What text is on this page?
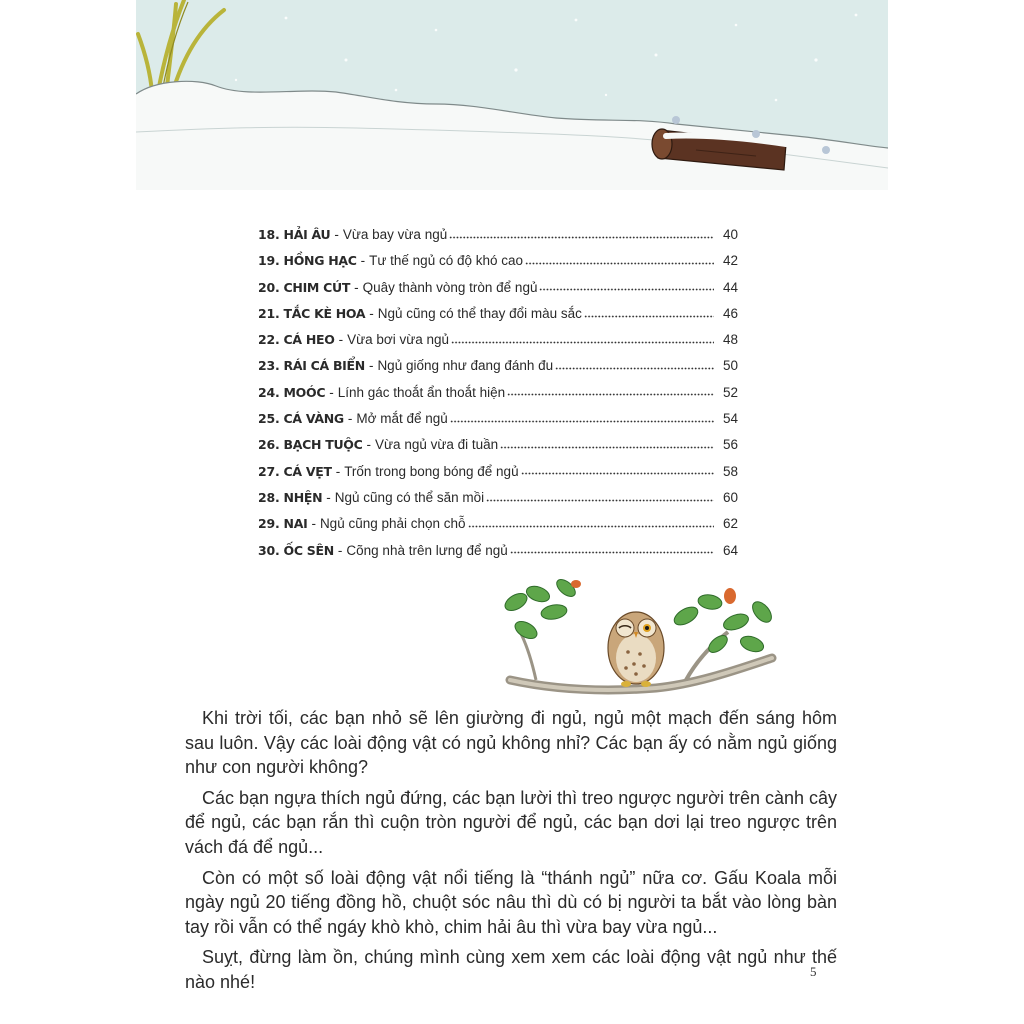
18. HẢI ÂU - Vừa bay vừa ngủ	40
19. HỒNG HẠC - Tư thế ngủ có độ khó cao	42
20. CHIM CÚT - Quây thành vòng tròn để ngủ	44
21. TẮC KÈ HOA - Ngủ cũng có thể thay đổi màu sắc	46
22. CÁ HEO - Vừa bơi vừa ngủ	48
23. RÁI CÁ BIỂN - Ngủ giống như đang đánh đu	50
24. MOÓC - Lính gác thoắt ẩn thoắt hiện	52
25. CÁ VÀNG - Mở mắt để ngủ	54
26. BẠCH TUỘC - Vừa ngủ vừa đi tuần	56
27. CÁ VẸT - Trốn trong bong bóng để ngủ	58
28. NHỆN - Ngủ cũng có thể săn mồi	60
29. NAI - Ngủ cũng phải chọn chỗ	62
30. ỐC SÊN - Cõng nhà trên lưng để ngủ	64

Khi trời tối, các bạn nhỏ sẽ lên giường đi ngủ, ngủ một mạch đến sáng hôm sau luôn. Vậy các loài động vật có ngủ không nhỉ? Các bạn ấy có nằm ngủ giống như con người không?

Các bạn ngựa thích ngủ đứng, các bạn lười thì treo ngược người trên cành cây để ngủ, các bạn rắn thì cuộn tròn người để ngủ, các bạn dơi lại treo ngược trên vách đá để ngủ...

Còn có một số loài động vật nổi tiếng là “thánh ngủ” nữa cơ. Gấu Koala mỗi ngày ngủ 20 tiếng đồng hồ, chuột sóc nâu thì dù có bị người ta bắt vào lòng bàn tay rồi vẫn có thể ngáy khò khò, chim hải âu thì vừa bay vừa ngủ...

Suỵt, đừng làm ồn, chúng mình cùng xem xem các loài động vật ngủ như thế nào nhé!

5
